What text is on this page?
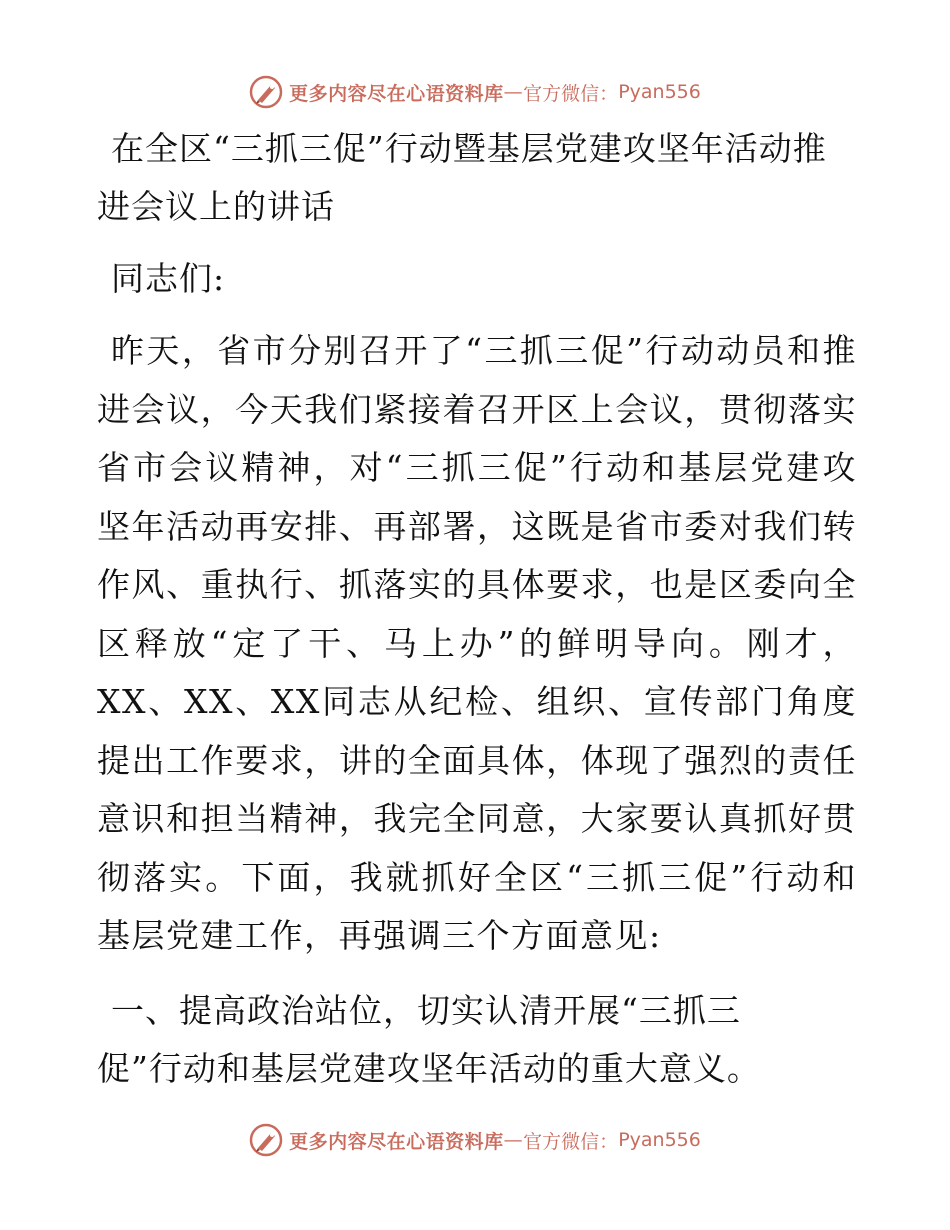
更多内容尽在心语资料库 — 官方微信： Pyan556
在全区“三抓三促”行动暨基层党建攻坚年活动推进会议上的讲话

同志们:

昨天，省市分别召开了“三抓三促”行动动员和推进会议，今天我们紧接着召开区上会议，贯彻落实省市会议精神，对“三抓三促”行动和基层党建攻坚年活动再安排、再部署，这既是省市委对我们转作风、重执行、抓落实的具体要求，也是区委向全区释放“定了干、马上办”的鲜明导向。刚才，XX、XX、XX同志从纪检、组织、宣传部门角度提出工作要求，讲的全面具体，体现了强烈的责任意识和担当精神，我完全同意，大家要认真抓好贯彻落实。下面，我就抓好全区“三抓三促”行动和基层党建工作，再强调三个方面意见:

一、提高政治站位，切实认清开展“三抓三促”行动和基层党建攻坚年活动的重大意义。

更多内容尽在心语资料库 — 官方微信： Pyan556
